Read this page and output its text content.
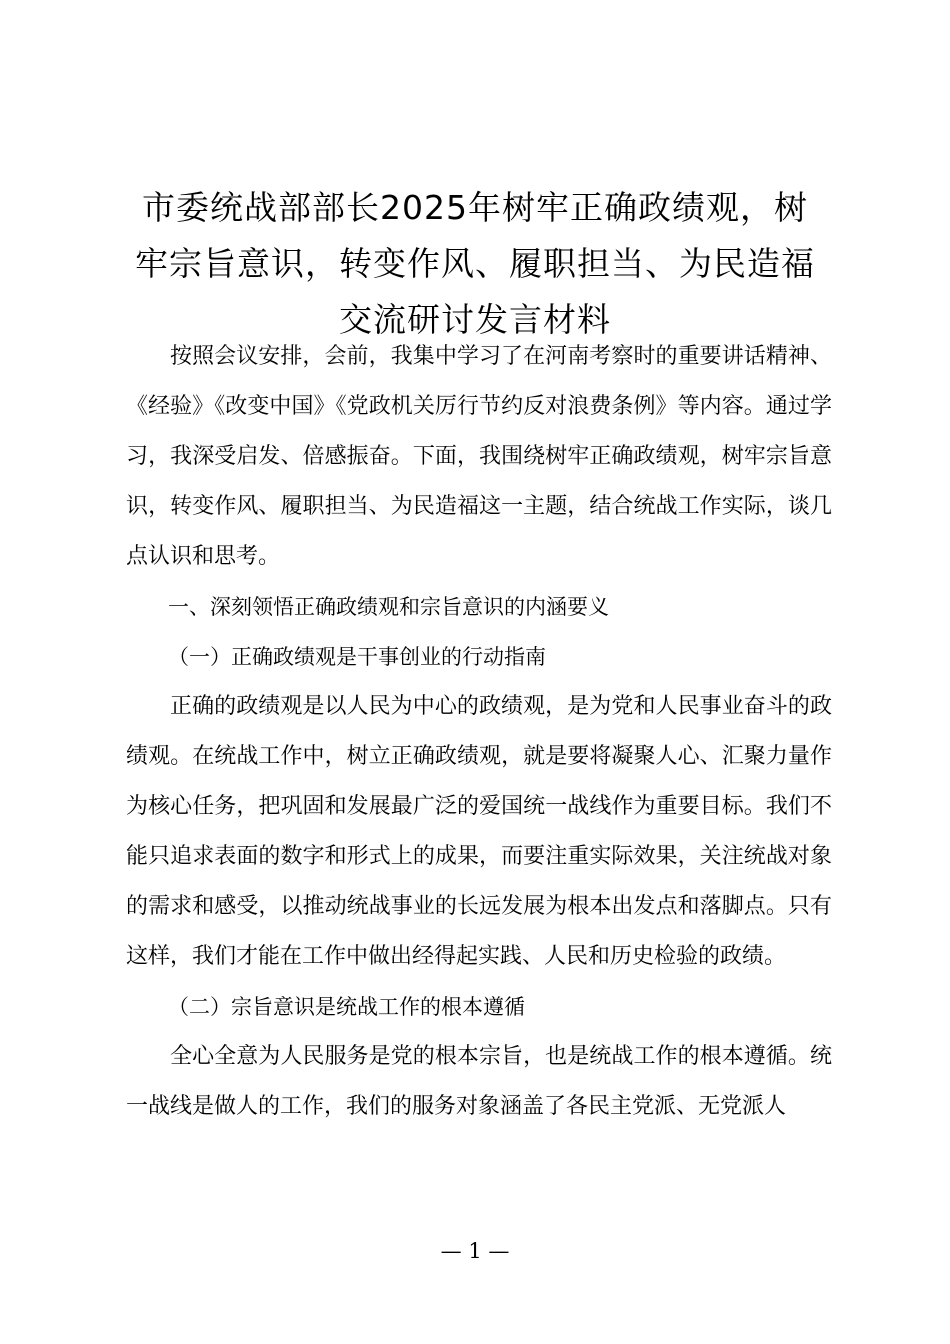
市委统战部部长2025年树牢正确政绩观，树
牢宗旨意识，转变作风、履职担当、为民造福
交流研讨发言材料

按照会议安排，会前，我集中学习了在河南考察时的重要讲话精神、《经验》《改变中国》《党政机关厉行节约反对浪费条例》等内容。通过学习，我深受启发、倍感振奋。下面，我围绕树牢正确政绩观，树牢宗旨意识，转变作风、履职担当、为民造福这一主题，结合统战工作实际，谈几点认识和思考。

一、深刻领悟正确政绩观和宗旨意识的内涵要义

（一）正确政绩观是干事创业的行动指南

正确的政绩观是以人民为中心的政绩观，是为党和人民事业奋斗的政绩观。在统战工作中，树立正确政绩观，就是要将凝聚人心、汇聚力量作为核心任务，把巩固和发展最广泛的爱国统一战线作为重要目标。我们不能只追求表面的数字和形式上的成果，而要注重实际效果，关注统战对象的需求和感受，以推动统战事业的长远发展为根本出发点和落脚点。只有这样，我们才能在工作中做出经得起实践、人民和历史检验的政绩。

（二）宗旨意识是统战工作的根本遵循

全心全意为人民服务是党的根本宗旨，也是统战工作的根本遵循。统一战线是做人的工作，我们的服务对象涵盖了各民主党派、无党派人

— 1 —
